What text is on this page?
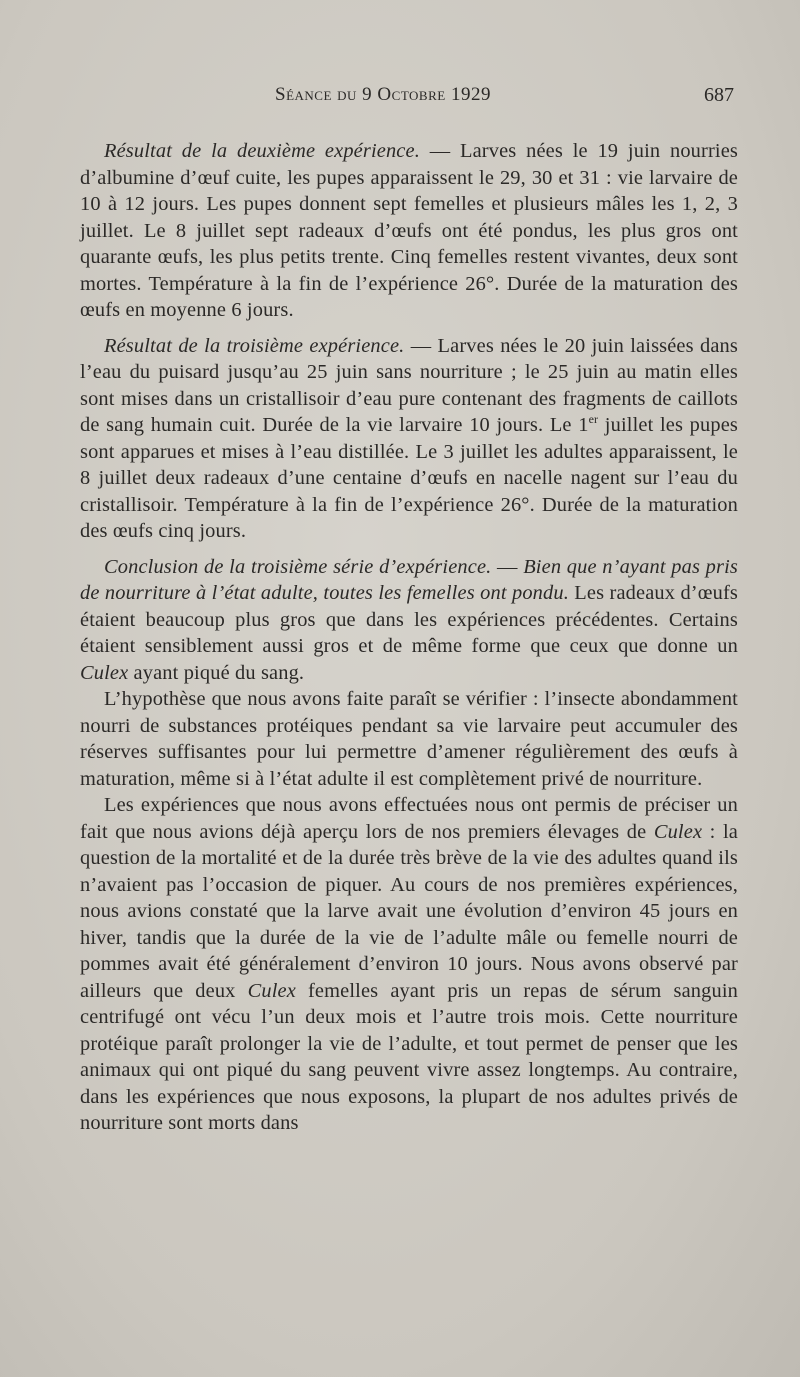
Séance du 9 Octobre 1929	687

Résultat de la deuxième expérience. — Larves nées le 19 juin nourries d’albumine d’œuf cuite, les pupes apparaissent le 29, 30 et 31 : vie larvaire de 10 à 12 jours. Les pupes donnent sept femelles et plusieurs mâles les 1, 2, 3 juillet. Le 8 juillet sept radeaux d’œufs ont été pondus, les plus gros ont quarante œufs, les plus petits trente. Cinq femelles restent vivantes, deux sont mortes. Température à la fin de l’expérience 26°. Durée de la maturation des œufs en moyenne 6 jours.

Résultat de la troisième expérience. — Larves nées le 20 juin laissées dans l’eau du puisard jusqu’au 25 juin sans nourriture ; le 25 juin au matin elles sont mises dans un cristallisoir d’eau pure contenant des fragments de caillots de sang humain cuit. Durée de la vie larvaire 10 jours. Le 1er juillet les pupes sont apparues et mises à l’eau distillée. Le 3 juillet les adultes apparaissent, le 8 juillet deux radeaux d’une centaine d’œufs en nacelle nagent sur l’eau du cristallisoir. Température à la fin de l’expérience 26°. Durée de la maturation des œufs cinq jours.

Conclusion de la troisième série d’expérience. — Bien que n’ayant pas pris de nourriture à l’état adulte, toutes les femelles ont pondu. Les radeaux d’œufs étaient beaucoup plus gros que dans les expériences précédentes. Certains étaient sensiblement aussi gros et de même forme que ceux que donne un Culex ayant piqué du sang.

L’hypothèse que nous avons faite paraît se vérifier : l’insecte abondamment nourri de substances protéiques pendant sa vie larvaire peut accumuler des réserves suffisantes pour lui permettre d’amener régulièrement des œufs à maturation, même si à l’état adulte il est complètement privé de nourriture.

Les expériences que nous avons effectuées nous ont permis de préciser un fait que nous avions déjà aperçu lors de nos premiers élevages de Culex : la question de la mortalité et de la durée très brève de la vie des adultes quand ils n’avaient pas l’occasion de piquer. Au cours de nos premières expériences, nous avions constaté que la larve avait une évolution d’environ 45 jours en hiver, tandis que la durée de la vie de l’adulte mâle ou femelle nourri de pommes avait été généralement d’environ 10 jours. Nous avons observé par ailleurs que deux Culex femelles ayant pris un repas de sérum sanguin centrifugé ont vécu l’un deux mois et l’autre trois mois. Cette nourriture protéique paraît prolonger la vie de l’adulte, et tout permet de penser que les animaux qui ont piqué du sang peuvent vivre assez longtemps. Au contraire, dans les expériences que nous exposons, la plupart de nos adultes privés de nourriture sont morts dans
